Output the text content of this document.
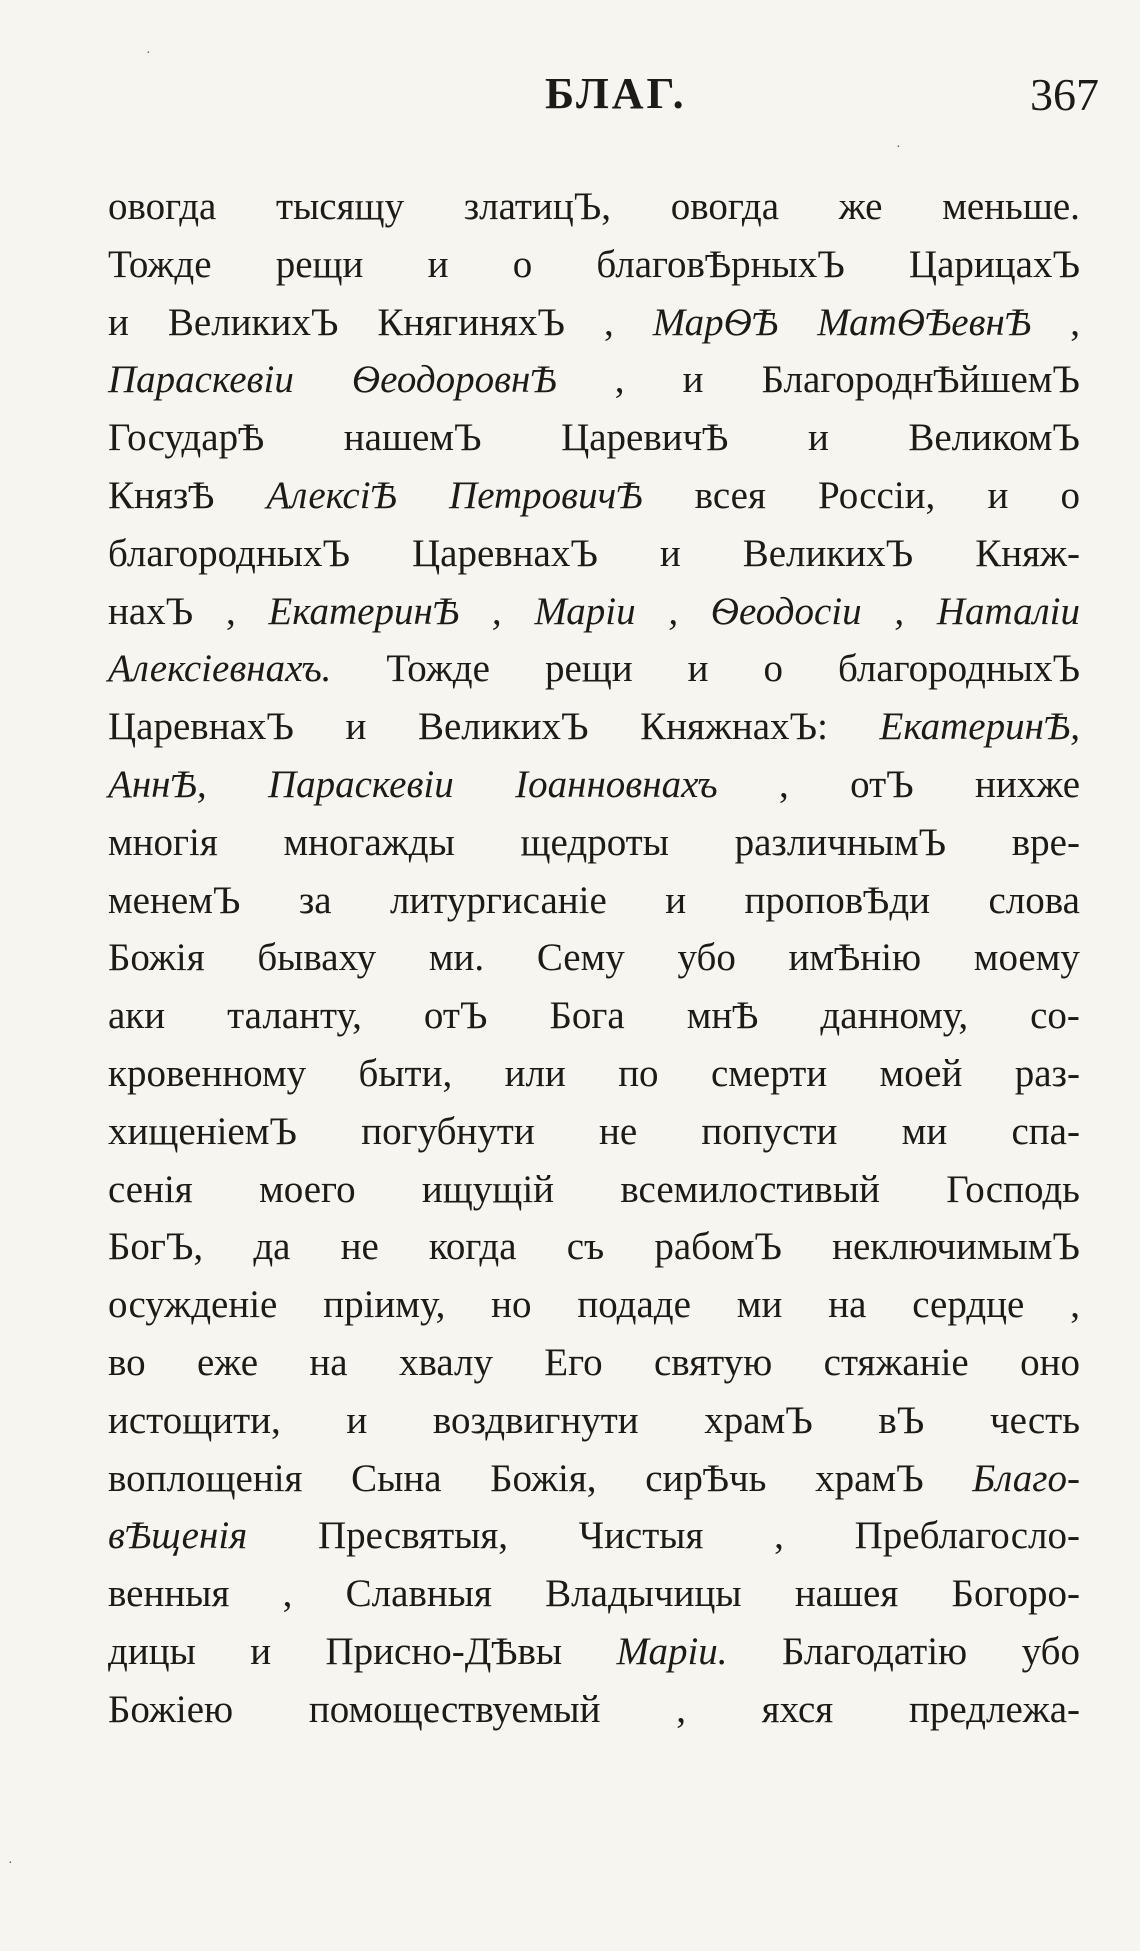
БЛАГ.	367
овогда тысящу златицЪ, овогда же меньше.
Тожде рещи и о благовѢрныхЪ ЦарицахЪ
и ВеликихЪ КнягиняхЪ , МарѲѢ МатѲѢевнѢ ,
Параскевіи ѲеодоровнѢ , и БлагороднѢйшемЪ
ГосударѢ нашемЪ ЦаревичѢ и ВеликомЪ
КнязѢ АлексіѢ ПетровичѢ всея Россіи, и о
благородныхЪ ЦаревнахЪ и ВеликихЪ Княж-
нахЪ , ЕкатеринѢ , Маріи , Ѳеодосіи , Наталіи
Алексіевнахъ. Тожде рещи и о благородныхЪ
ЦаревнахЪ и ВеликихЪ КняжнахЪ: ЕкатеринѢ,
АннѢ, Параскевіи Іоанновнахъ , отЪ нихже
многія многажды щедроты различнымЪ вре-
менемЪ за литургисаніе и проповѢди слова
Божія бываху ми. Сему убо имѢнію моему
аки таланту, отЪ Бога мнѢ данному, со-
кровенному быти, или по смерти моей раз-
хищеніемЪ погубнути не попусти ми спа-
сенія моего ищущій всемилостивый Господь
БогЪ, да не когда съ рабомЪ неключимымЪ
осужденіе пріиму, но подаде ми на сердце ,
во еже на хвалу Его святую стяжаніе оно
истощити, и воздвигнути храмЪ вЪ честь
воплощенія Сына Божія, сирѢчь храмЪ Благо-
вѢщенія Пресвятыя, Чистыя , Преблагосло-
венныя , Славныя Владычицы нашея Богоро-
дицы и Присно-ДѢвы Маріи. Благодатію убо
Божіею помоществуемый , яхся предлежа-
·
·
·
